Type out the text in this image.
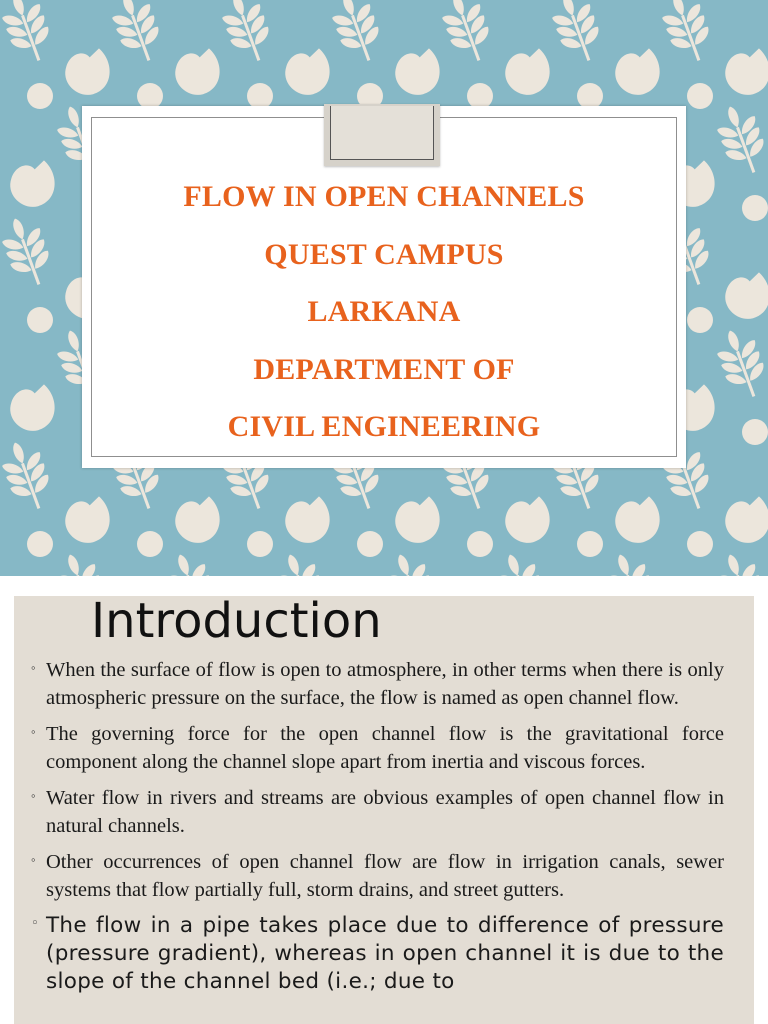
FLOW IN OPEN CHANNELS
QUEST CAMPUS
LARKANA
DEPARTMENT OF
CIVIL ENGINEERING
Introduction
◦ When the surface of flow is open to atmosphere, in other terms when there is only atmospheric pressure on the surface, the flow is named as open channel flow.
◦ The governing force for the open channel flow is the gravitational force component along the channel slope apart from inertia and viscous forces.
◦ Water flow in rivers and streams are obvious examples of open channel flow in natural channels.
◦ Other occurrences of open channel flow are flow in irrigation canals, sewer systems that flow partially full, storm drains, and street gutters.
◦ The flow in a pipe takes place due to difference of pressure (pressure gradient), whereas in open channel it is due to the slope of the channel bed (i.e.; due to
